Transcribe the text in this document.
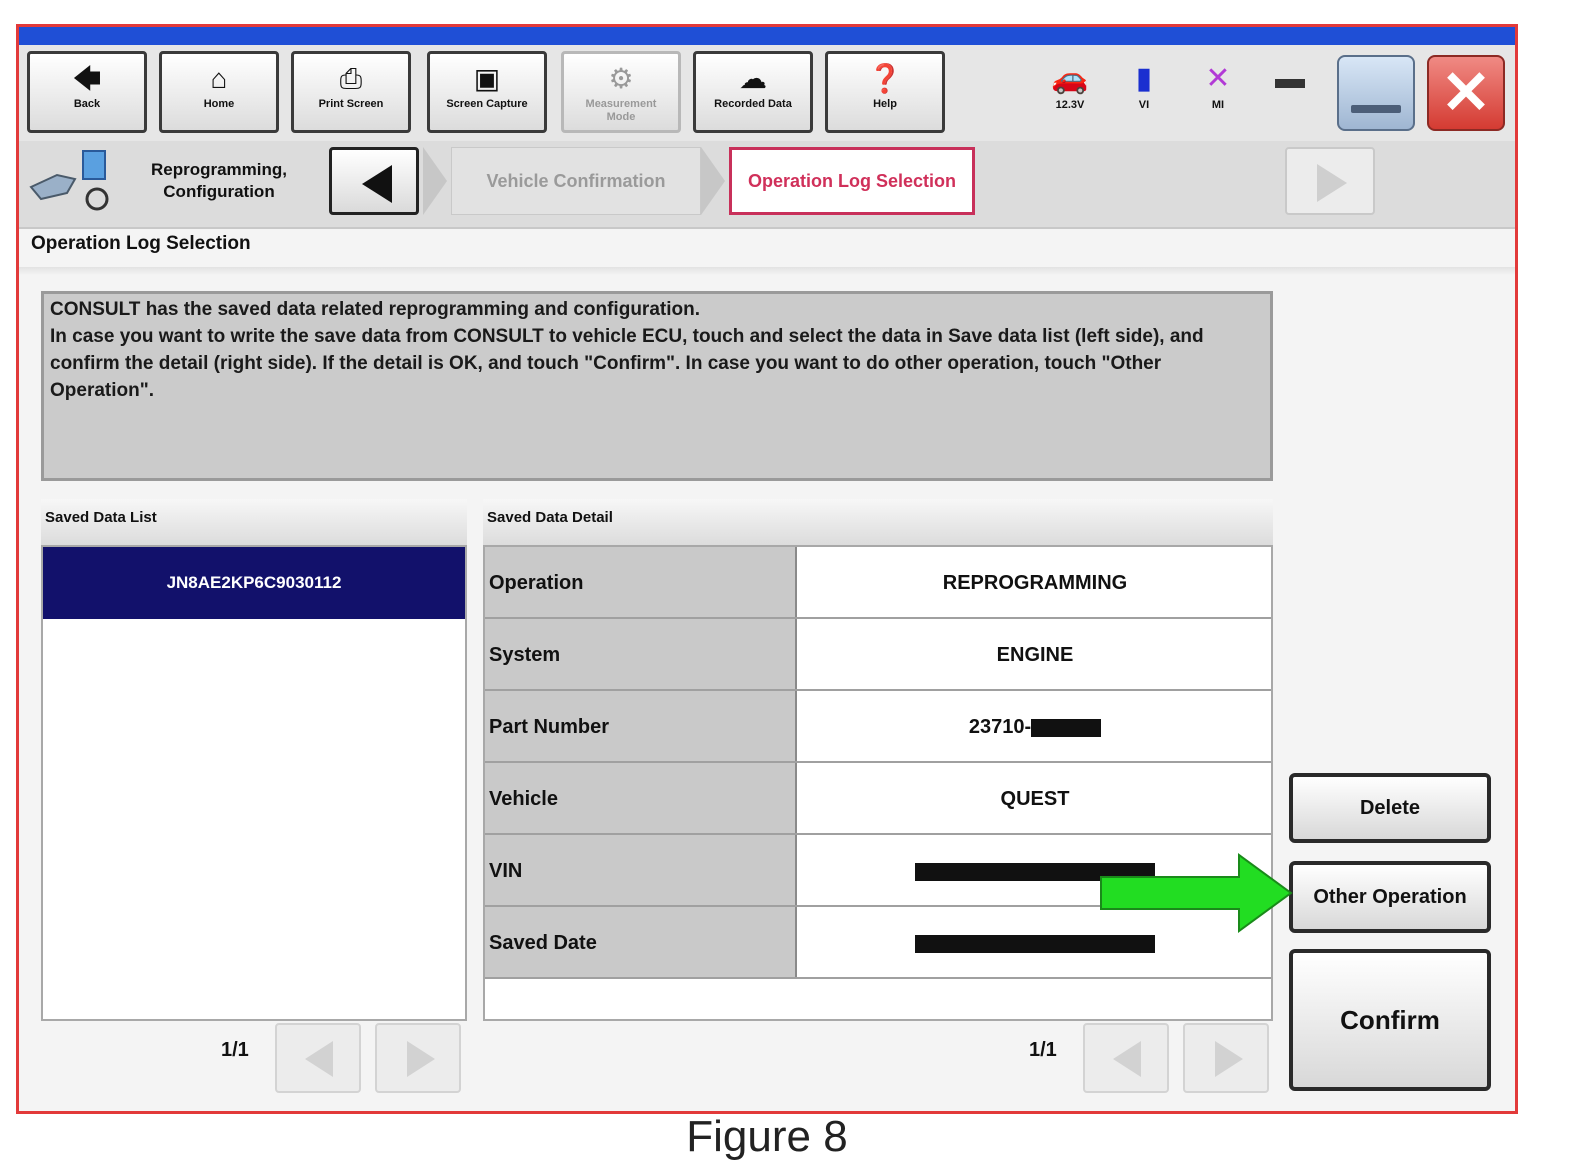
🡄
Back
⌂
Home
⎙
Print Screen
▣
Screen Capture
⚙
Measurement Mode
☁
Recorded Data
❓
Help
🚗
12.3V
▮
VI
✕
MI
▬	✕
Reprogramming, Configuration
Vehicle Confirmation	Operation Log Selection
Operation Log Selection
CONSULT has the saved data related reprogramming and configuration.
In case you want to write the save data from CONSULT to vehicle ECU, touch and select the data in Save data list (left side), and confirm the detail (right side). If the detail is OK, and touch "Confirm". In case you want to do other operation, touch "Other Operation".
Saved Data List
JN8AE2KP6C9030112
Saved Data Detail
Operation	REPROGRAMMING
System	ENGINE
Part Number	23710-
Vehicle	QUEST
VIN
Saved Date
1/1	1/1
Delete
Other Operation
Confirm
Figure 8
